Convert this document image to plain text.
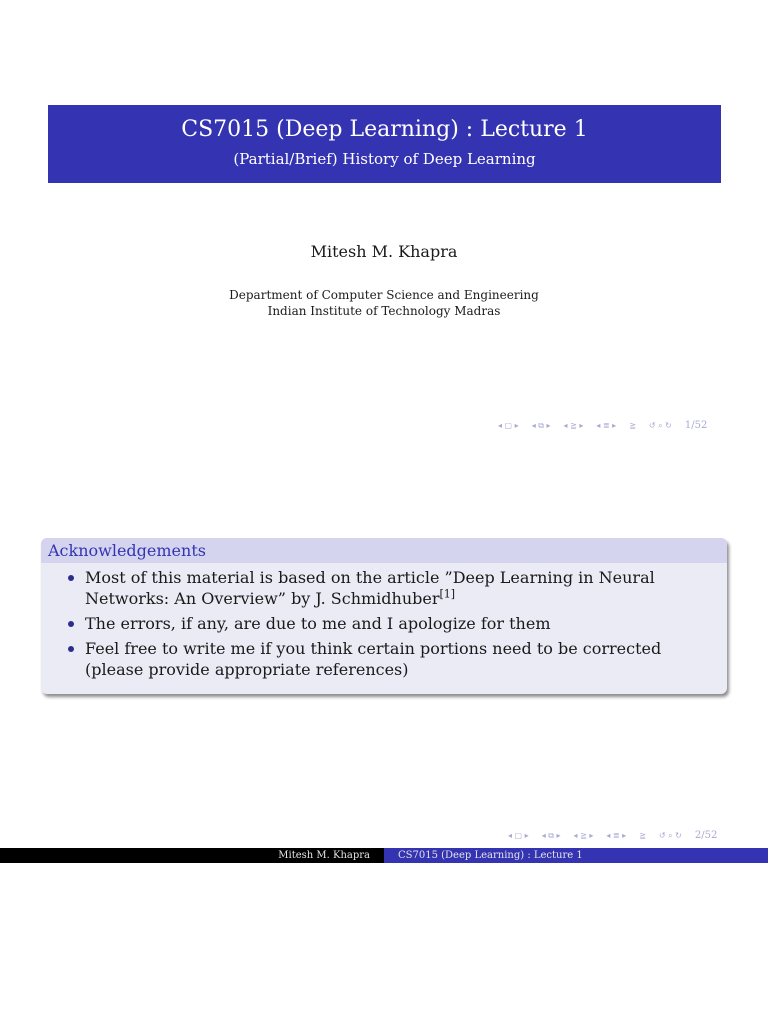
CS7015 (Deep Learning) : Lecture 1
(Partial/Brief) History of Deep Learning
Mitesh M. Khapra
Department of Computer Science and Engineering
Indian Institute of Technology Madras
◂ ▢ ▸ ◂ ⧉ ▸ ◂ ≧ ▸ ◂ ≣ ▸ ≧ ↺ ⌕ ↻ 1/52
Acknowledgements
Most of this material is based on the article ”Deep Learning in Neural Networks: An Overview” by J. Schmidhuber[1]
The errors, if any, are due to me and I apologize for them
Feel free to write me if you think certain portions need to be corrected (please provide appropriate references)
◂ ▢ ▸ ◂ ⧉ ▸ ◂ ≧ ▸ ◂ ≣ ▸ ≧ ↺ ⌕ ↻ 2/52
Mitesh M. Khapra	CS7015 (Deep Learning) : Lecture 1
